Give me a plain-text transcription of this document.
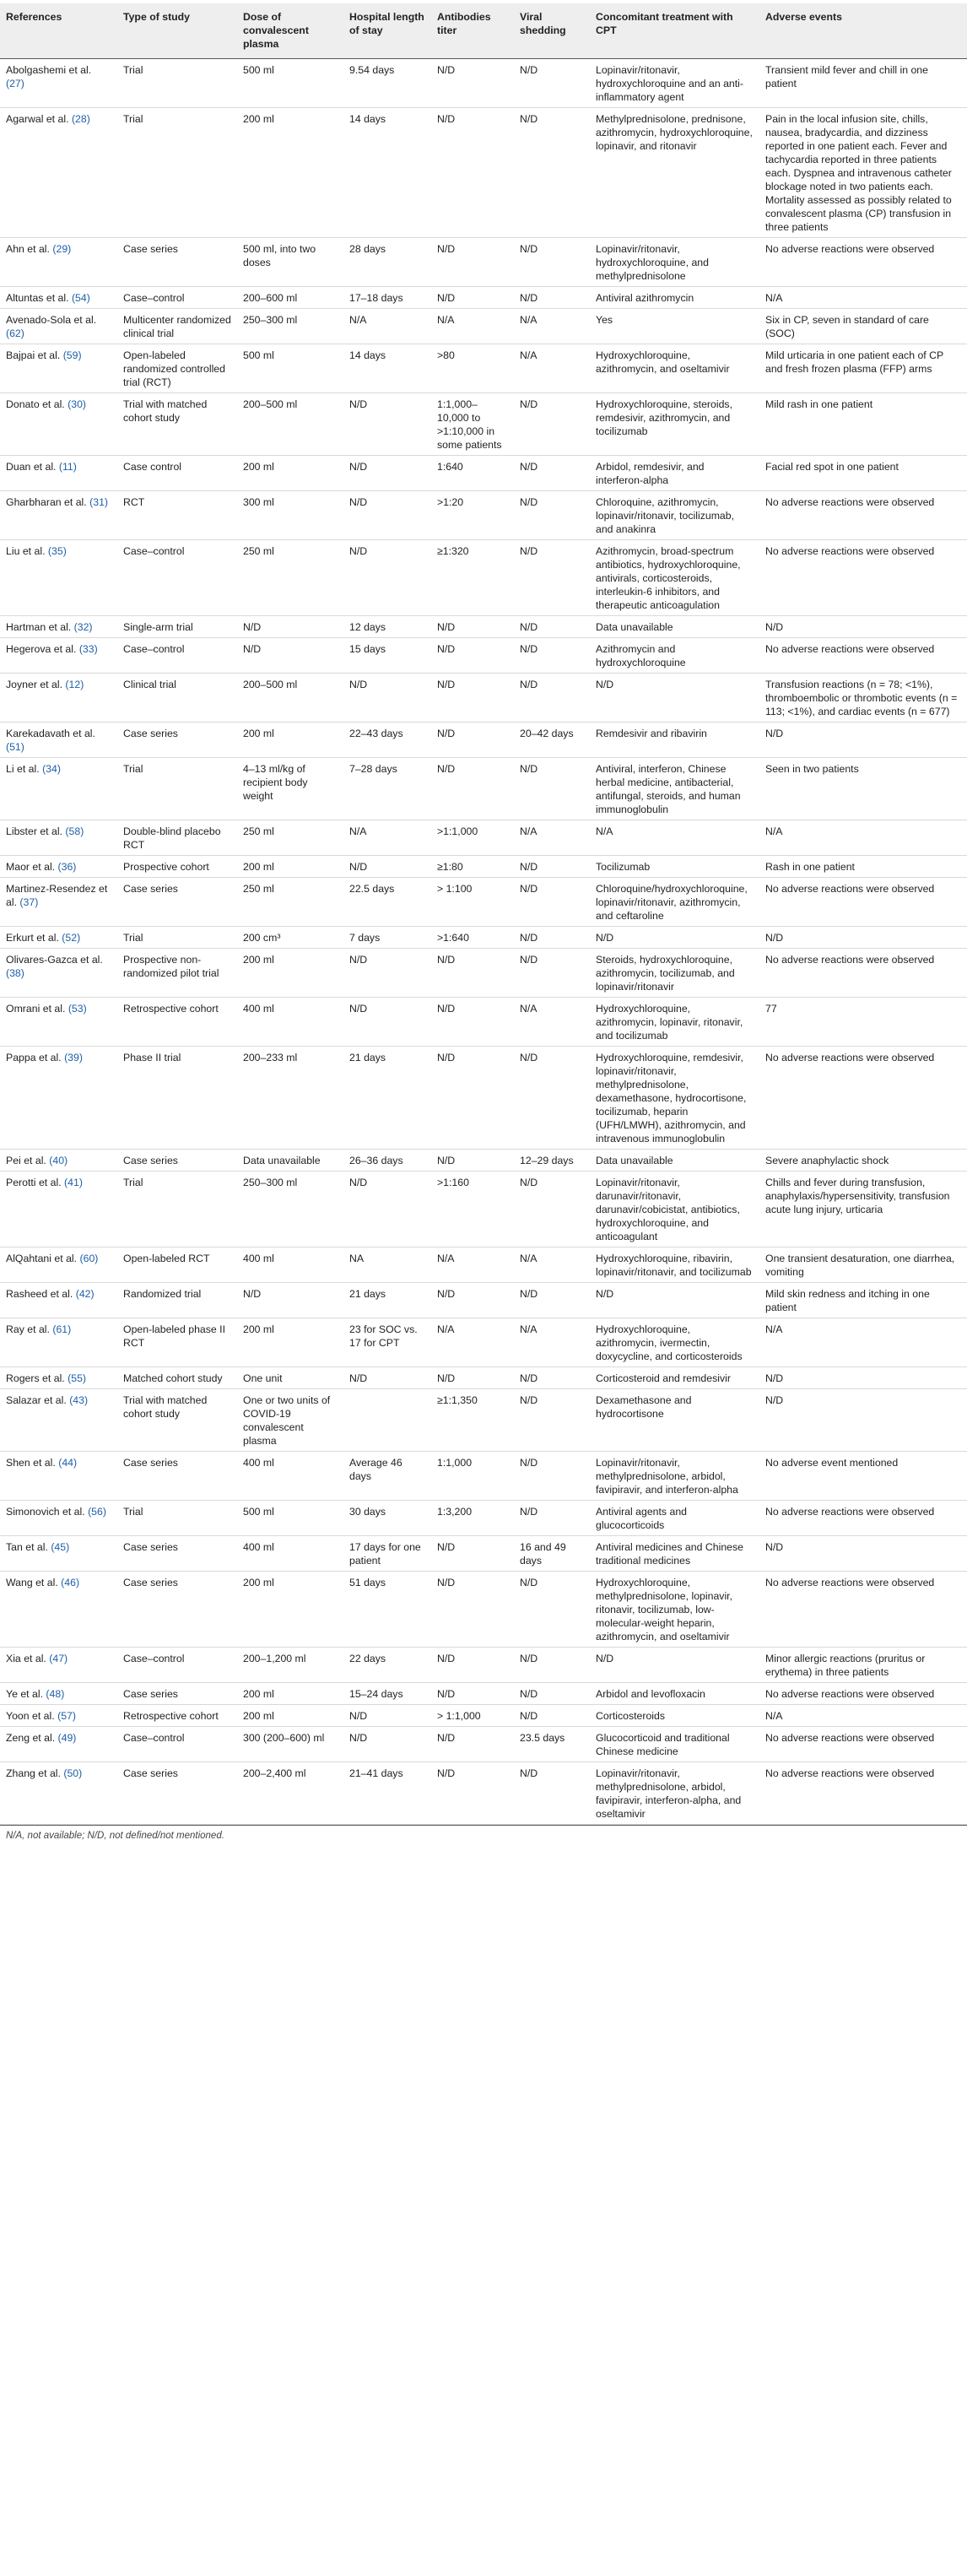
References	Type of study	Dose of convalescent plasma	Hospital length of stay	Antibodies titer	Viral shedding	Concomitant treatment with CPT	Adverse events
Abolgashemi et al. (27)	Trial	500 ml	9.54 days	N/D	N/D	Lopinavir/ritonavir, hydroxychloroquine and an anti-inflammatory agent	Transient mild fever and chill in one patient
Agarwal et al. (28)	Trial	200 ml	14 days	N/D	N/D	Methylprednisolone, prednisone, azithromycin, hydroxychloroquine, lopinavir, and ritonavir	Pain in the local infusion site, chills, nausea, bradycardia, and dizziness reported in one patient each. Fever and tachycardia reported in three patients each. Dyspnea and intravenous catheter blockage noted in two patients each. Mortality assessed as possibly related to convalescent plasma (CP) transfusion in three patients
Ahn et al. (29)	Case series	500 ml, into two doses	28 days	N/D	N/D	Lopinavir/ritonavir, hydroxychloroquine, and methylprednisolone	No adverse reactions were observed
Altuntas et al. (54)	Case–control	200–600 ml	17–18 days	N/D	N/D	Antiviral azithromycin	N/A
Avenado-Sola et al. (62)	Multicenter randomized clinical trial	250–300 ml	N/A	N/A	N/A	Yes	Six in CP, seven in standard of care (SOC)
Bajpai et al. (59)	Open-labeled randomized controlled trial (RCT)	500 ml	14 days	>80	N/A	Hydroxychloroquine, azithromycin, and oseltamivir	Mild urticaria in one patient each of CP and fresh frozen plasma (FFP) arms
Donato et al. (30)	Trial with matched cohort study	200–500 ml	N/D	1:1,000–10,000 to >1:10,000 in some patients	N/D	Hydroxychloroquine, steroids, remdesivir, azithromycin, and tocilizumab	Mild rash in one patient
Duan et al. (11)	Case control	200 ml	N/D	1:640	N/D	Arbidol, remdesivir, and interferon-alpha	Facial red spot in one patient
Gharbharan et al. (31)	RCT	300 ml	N/D	>1:20	N/D	Chloroquine, azithromycin, lopinavir/ritonavir, tocilizumab, and anakinra	No adverse reactions were observed
Liu et al. (35)	Case–control	250 ml	N/D	≥1:320	N/D	Azithromycin, broad-spectrum antibiotics, hydroxychloroquine, antivirals, corticosteroids, interleukin-6 inhibitors, and therapeutic anticoagulation	No adverse reactions were observed
Hartman et al. (32)	Single-arm trial	N/D	12 days	N/D	N/D	Data unavailable	N/D
Hegerova et al. (33)	Case–control	N/D	15 days	N/D	N/D	Azithromycin and hydroxychloroquine	No adverse reactions were observed
Joyner et al. (12)	Clinical trial	200–500 ml	N/D	N/D	N/D	N/D	Transfusion reactions (n = 78; <1%), thromboembolic or thrombotic events (n = 113; <1%), and cardiac events (n = 677)
Karekadavath et al. (51)	Case series	200 ml	22–43 days	N/D	20–42 days	Remdesivir and ribavirin	N/D
Li et al. (34)	Trial	4–13 ml/kg of recipient body weight	7–28 days	N/D	N/D	Antiviral, interferon, Chinese herbal medicine, antibacterial, antifungal, steroids, and human immunoglobulin	Seen in two patients
Libster et al. (58)	Double-blind placebo RCT	250 ml	N/A	>1:1,000	N/A	N/A	N/A
Maor et al. (36)	Prospective cohort	200 ml	N/D	≥1:80	N/D	Tocilizumab	Rash in one patient
Martinez-Resendez et al. (37)	Case series	250 ml	22.5 days	> 1:100	N/D	Chloroquine/hydroxychloroquine, lopinavir/ritonavir, azithromycin, and ceftaroline	No adverse reactions were observed
Erkurt et al. (52)	Trial	200 cm³	7 days	>1:640	N/D	N/D	N/D
Olivares-Gazca et al. (38)	Prospective non-randomized pilot trial	200 ml	N/D	N/D	N/D	Steroids, hydroxychloroquine, azithromycin, tocilizumab, and lopinavir/ritonavir	No adverse reactions were observed
Omrani et al. (53)	Retrospective cohort	400 ml	N/D	N/D	N/A	Hydroxychloroquine, azithromycin, lopinavir, ritonavir, and tocilizumab	77
Pappa et al. (39)	Phase II trial	200–233 ml	21 days	N/D	N/D	Hydroxychloroquine, remdesivir, lopinavir/ritonavir, methylprednisolone, dexamethasone, hydrocortisone, tocilizumab, heparin (UFH/LMWH), azithromycin, and intravenous immunoglobulin	No adverse reactions were observed
Pei et al. (40)	Case series	Data unavailable	26–36 days	N/D	12–29 days	Data unavailable	Severe anaphylactic shock
Perotti et al. (41)	Trial	250–300 ml	N/D	>1:160	N/D	Lopinavir/ritonavir, darunavir/ritonavir, darunavir/cobicistat, antibiotics, hydroxychloroquine, and anticoagulant	Chills and fever during transfusion, anaphylaxis/hypersensitivity, transfusion acute lung injury, urticaria
AlQahtani et al. (60)	Open-labeled RCT	400 ml	NA	N/A	N/A	Hydroxychloroquine, ribavirin, lopinavir/ritonavir, and tocilizumab	One transient desaturation, one diarrhea, vomiting
Rasheed et al. (42)	Randomized trial	N/D	21 days	N/D	N/D	N/D	Mild skin redness and itching in one patient
Ray et al. (61)	Open-labeled phase II RCT	200 ml	23 for SOC vs. 17 for CPT	N/A	N/A	Hydroxychloroquine, azithromycin, ivermectin, doxycycline, and corticosteroids	N/A
Rogers et al. (55)	Matched cohort study	One unit	N/D	N/D	N/D	Corticosteroid and remdesivir	N/D
Salazar et al. (43)	Trial with matched cohort study	One or two units of COVID-19 convalescent plasma		≥1:1,350	N/D	Dexamethasone and hydrocortisone	N/D
Shen et al. (44)	Case series	400 ml	Average 46 days	1:1,000	N/D	Lopinavir/ritonavir, methylprednisolone, arbidol, favipiravir, and interferon-alpha	No adverse event mentioned
Simonovich et al. (56)	Trial	500 ml	30 days	1:3,200	N/D	Antiviral agents and glucocorticoids	No adverse reactions were observed
Tan et al. (45)	Case series	400 ml	17 days for one patient	N/D	16 and 49 days	Antiviral medicines and Chinese traditional medicines	N/D
Wang et al. (46)	Case series	200 ml	51 days	N/D	N/D	Hydroxychloroquine, methylprednisolone, lopinavir, ritonavir, tocilizumab, low-molecular-weight heparin, azithromycin, and oseltamivir	No adverse reactions were observed
Xia et al. (47)	Case–control	200–1,200 ml	22 days	N/D	N/D	N/D	Minor allergic reactions (pruritus or erythema) in three patients
Ye et al. (48)	Case series	200 ml	15–24 days	N/D	N/D	Arbidol and levofloxacin	No adverse reactions were observed
Yoon et al. (57)	Retrospective cohort	200 ml	N/D	> 1:1,000	N/D	Corticosteroids	N/A
Zeng et al. (49)	Case–control	300 (200–600) ml	N/D	N/D	23.5 days	Glucocorticoid and traditional Chinese medicine	No adverse reactions were observed
Zhang et al. (50)	Case series	200–2,400 ml	21–41 days	N/D	N/D	Lopinavir/ritonavir, methylprednisolone, arbidol, favipiravir, interferon-alpha, and oseltamivir	No adverse reactions were observed
N/A, not available; N/D, not defined/not mentioned.
